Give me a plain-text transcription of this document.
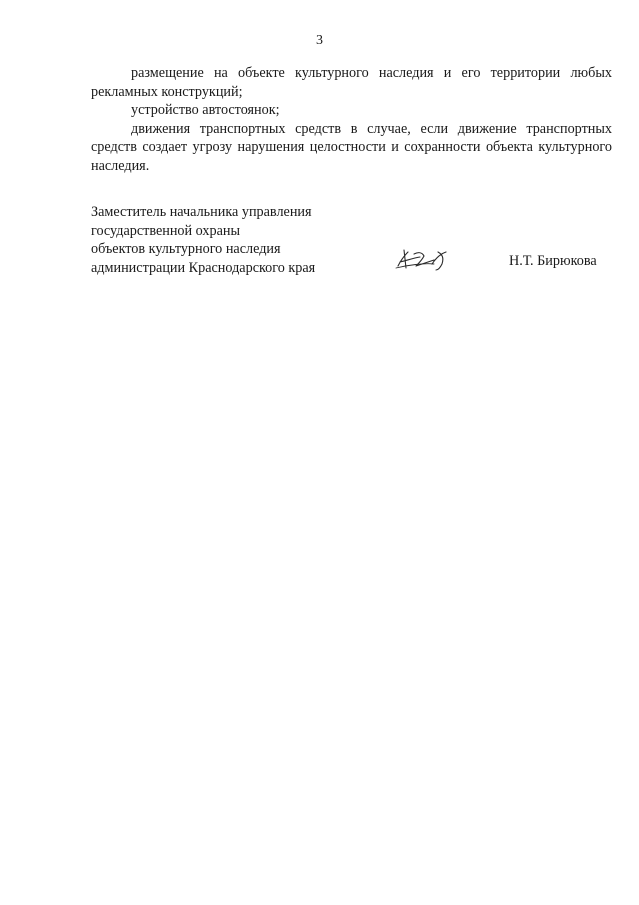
3

размещение на объекте культурного наследия и его территории любых рекламных конструкций;

устройство автостоянок;

движения транспортных средств в случае, если движение транспортных средств создает угрозу нарушения целостности и сохранности объекта культурного наследия.

Заместитель начальника управления

государственной охраны

объектов культурного наследия

администрации Краснодарского края	Н.Т. Бирюкова
